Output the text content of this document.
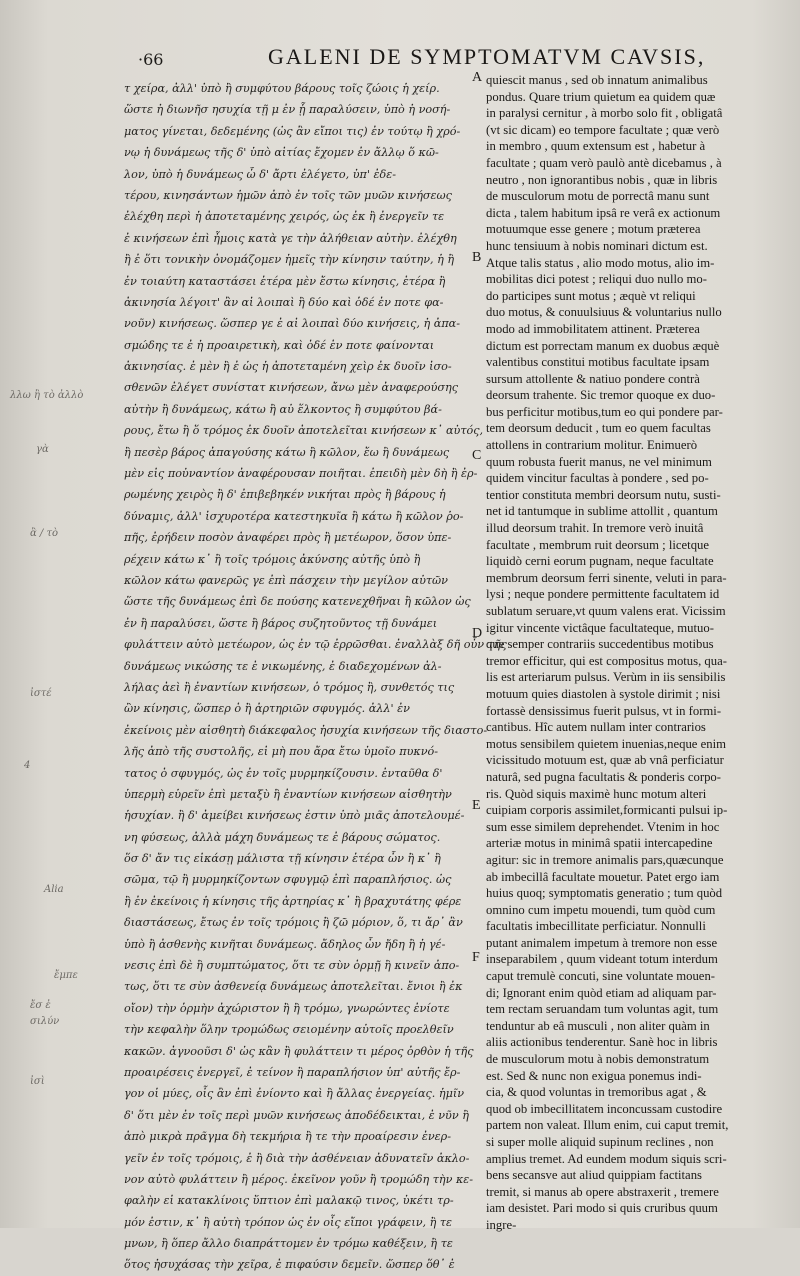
·66	GALENI DE SYMPTOMATVM CAVSIS,
τ χείρα, ἀλλ' ὑπὸ ἢ συμφύτου βάρους τοῖς ζώοις ἡ χείρ.
ὥστε ἡ διωνῆσ ησυχία τῇ μ ἐν ᾗ παραλύσειν, ὑπὸ ἡ νοσή-
ματος γίνεται, δεδεμένης (ὡς ἂν εἴποι τις) ἐν τούτῳ ἢ χρό-
νῳ ἡ δυνάμεως τῆς δ' ὑπὸ αἰτίας ἔχομεν ἐν ἄλλῳ ὅ κῶ-
λον, ὑπὸ ἡ δυνάμεως ὧ δ' ἄρτι ἐλέγετο, ὑπ' ἐδε-
τέρου, κινησάντων ἡμῶν ἀπὸ ἐν τοῖς τῶν μυῶν κινήσεως
ἐλέχθη περὶ ἡ ἀποτεταμένης χειρός, ὡς ἐκ ἢ ἐνεργεῖν τε
ἐ κινήσεων ἐπὶ ἦμοις κατὰ γε τὴν ἀλήθειαν αὐτὴν. ἐλέχθη
ἢ ἐ ὅτι τονικὴν ὀνομάζομεν ἡμεῖς τὴν κίνησιν ταύτην, ἡ ἢ
ἐν τοιαύτη καταστάσει ἑτέρα μὲν ἔστω κίνησις, ἑτέρα ἢ
ἀκινησία λέγοιτ' ἂν αἱ λοιπαὶ ἢ δύο καὶ ὁδέ ἑν ποτε φα-
νοῦν) κινήσεως. ὥσπερ γε ἐ αἱ λοιπαὶ δύο κινήσεις, ἡ ἀπα-
σμώδης τε ἐ ἡ προαιρετικὴ, καὶ ὁδέ ἑν ποτε φαίνονται
ἀκινησίας. ἐ μὲν ἢ ἐ ὡς ἡ ἀποτεταμένη χεὶρ ἐκ δυοῖν ἰσο-
σθενῶν ἐλέγετ συνίστατ κινήσεων, ἄνω μὲν ἀναφερούσης
αὐτὴν ἢ δυνάμεως, κάτω ἢ αὐ ἕλκοντος ἢ συμφύτου βά-
ρους, ἔτω ἢ ὅ τρόμος ἐκ δυοῖν ἀποτελεῖται κινήσεων κ᾽ αὐτός,
ἢ πεσὲρ βάρος ἀπαγούσης κάτω ἢ κῶλον, ἔω ἢ δυνάμεως
μὲν εἰς ποὐναντίον ἀναφέρουσαν ποιῆται. ἐπειδὴ μὲν δὴ ἢ ἐρ-
ρωμένης χειρὸς ἢ δ' ἐπιβεβηκέν νικήται πρὸς ἢ βάρους ἡ
δύναμις, ἀλλ' ἰσχυροτέρα κατεστηκυῖα ἢ κάτω ἢ κῶλον ῥο-
πῆς, ἐρήδειν ποσὸν ἀναφέρει πρὸς ἢ μετέωρον, ὅσον ὑπε-
ρέχειν κάτω κ᾽ ἢ τοῖς τρόμοις ἀκύνσης αὐτῆς ὑπὸ ἢ
κῶλον κάτω φανερῶς γε ἐπὶ πάσχειν τὴν μεγίλον αὐτῶν
ὥστε τῆς δυνάμεως ἐπὶ δε πούσης κατενεχθῆναι ἢ κῶλον ὡς
ἐν ἢ παραλύσει, ὥστε ἢ βάρος συζητοῦντος τῇ δυνάμει
φυλάττειν αὐτὸ μετέωρον, ὡς ἐν τῷ ἐρρῶσθαι. ἐναλλὰξ δῆ οὖν τῆς
δυνάμεως νικώσης τε ἐ νικωμένης, ἐ διαδεχομένων ἀλ-
λήλας ἀεὶ ἢ ἐναντίων κινήσεων, ὁ τρόμος ἢ, συνθετός τις
ὢν κίνησις, ὥσπερ ὁ ἢ ἀρτηριῶν σφυγμός. ἀλλ' ἐν
ἐκείνοις μὲν αἰσθητὴ διάκεφαλος ἡσυχία κινήσεων τῆς διαστο-
λῆς ἀπὸ τῆς συστολῆς, εἰ μὴ που ἄρα ἔτω ὑμοῖο πυκνό-
τατος ὁ σφυγμός, ὡς ἐν τοῖς μυρμηκίζουσιν. ἐνταῦθα δ'
ὑπερμὴ εὑρεῖν ἐπὶ μεταξὺ ἢ ἐναντίων κινήσεων αἰσθητὴν
ἡσυχίαν. ἢ δ' ἀμείβει κινήσεως ἐστιν ὑπὸ μιᾶς ἀποτελουμέ-
νη φύσεως, ἀλλὰ μάχη δυνάμεως τε ἐ βάρους σώματος.
ὅσ δ' ἄν τις εἰκάσῃ μάλιστα τῇ κίνησιν ἑτέρα ὧν ἢ κ᾽ ἢ
σῶμα, τῷ ἢ μυρμηκίζοντων σφυγμῷ ἐπὶ παραπλήσιος. ὡς
ἢ ἐν ἐκείνοις ἡ κίνησις τῆς ἀρτηρίας κ᾽ ἢ βραχυτάτης φέρε
διαστάσεως, ἔτως ἐν τοῖς τρόμοις ἢ ζῶ μόριον, ὅ, τι ἄρ᾽ ἂν
ὑπὸ ἢ ἀσθενὴς κινῆται δυνάμεως. ἄδηλος ὧν ἤδη ἢ ἡ γέ-
νεσις ἐπὶ δὲ ἢ συμπτώματος, ὅτι τε σὺν ὁρμῇ ἢ κινεῖν ἀπο-
τως, ὅτι τε σὺν ἀσθενείᾳ δυνάμεως ἀποτελεῖται. ἔνιοι ἢ ἐκ
οἴον) τὴν ὁρμὴν ἀχώριστον ἢ ἢ τρόμω, γνωρώντες ἐνίοτε
τὴν κεφαλὴν ὅλην τρομώδως σειομένην αὐτοῖς προελθεῖν
κακῶν. ἀγνοοῦσι δ' ὡς κἂν ἢ φυλάττειν τι μέρος ὀρθὸν ἡ τῆς
προαιρέσεις ἐνεργεῖ, ἐ τείνον ἢ παραπλήσιον ὑπ' αὐτῆς ἔρ-
γον οἱ μύες, οἷς ἂν ἐπὶ ἐνίοντο καὶ ἢ ἄλλας ἐνεργείας. ἡμῖν
δ' ὅτι μὲν ἐν τοῖς περὶ μυῶν κινήσεως ἀποδέδεικται, ἐ νῦν ἢ
ἀπὸ μικρὰ πρᾶγμα δὴ τεκμήρια ἢ τε τὴν προαίρεσιν ἐνερ-
γεῖν ἐν τοῖς τρόμοις, ἐ ἢ διὰ τὴν ἀσθένειαν ἀδυνατεῖν ἀκλο-
νον αὐτὸ φυλάττειν ἢ μέρος. ἐκεῖνον γοῦν ἢ τρομώδη τὴν κε-
φαλὴν εἰ κατακλίνοις ὕπτιον ἐπὶ μαλακῷ τινος, ὑκέτι τρ-
μόν ἐστιν, κ᾽ ἢ αὐτὴ τρόπον ὡς ἐν οἷς εἴποι γράφειν, ἢ τε
μνων, ἢ ὅπερ ἄλλο διαπράττομεν ἐν τρόμω καθέξειν, ἢ τε
ὅτος ἡσυχάσας τὴν χεῖρα, ἐ πιφαύσιν δεμεῖν. ὥσπερ ὅθ᾽ ἐ
quiescit manus , sed ob innatum animalibus
pondus. Quare trium quietum ea quidem quæ
in paralysi cernitur , à morbo solo fit , obligatâ
(vt sic dicam) eo tempore facultate ; quæ verò
in membro , quum extensum est , habetur à
facultate ; quam verò paulò antè dicebamus , à
neutro , non ignorantibus nobis , quæ in libris
de musculorum motu de porrectâ manu sunt
dicta , talem habitum ipsâ re verâ ex actionum
motuumque esse genere ; motum præterea
hunc tensiuum à nobis nominari dictum est.
Atque talis status , alio modo motus, alio im-
mobilitas dici potest ; reliqui duo nullo mo-
do participes sunt motus ; æquè vt reliqui
duo motus, & conuulsiuus & voluntarius nullo
modo ad immobilitatem attinent. Præterea
dictum est porrectam manum ex duobus æquè
valentibus constitui motibus facultate ipsam
sursum attollente & natiuo pondere contrà
deorsum trahente. Sic tremor quoque ex duo-
bus perficitur motibus,tum eo qui pondere par-
tem deorsum deducit , tum eo quem facultas
attollens in contrarium molitur. Enimuerò
quum robusta fuerit manus, ne vel minimum
quidem vincitur facultas à pondere , sed po-
tentior constituta membri deorsum nutu, susti-
net id tantumque in sublime attollit , quantum
illud deorsum trahit. In tremore verò inuitâ
facultate , membrum ruit deorsum ; licetque
liquidò cerni eorum pugnam, neque facultate
membrum deorsum ferri sinente, veluti in para-
lysi ; neque pondere permittente facultatem id
sublatum seruare,vt quum valens erat. Vicissim
igitur vincente victâque facultateque, mutuo-
que semper contrariis succedentibus motibus
tremor efficitur, qui est compositus motus, qua-
lis est arteriarum pulsus. Verùm in iis sensibilis
motuum quies diastolen à systole dirimit ; nisi
fortassè densissimus fuerit pulsus, vt in formi-
cantibus. Hîc autem nullam inter contrarios
motus sensibilem quietem inuenias,neque enim
vicissitudo motuum est, quæ ab vnâ perficiatur
naturâ, sed pugna facultatis & ponderis corpo-
ris. Quòd siquis maximè hunc motum alteri
cuipiam corporis assimilet,formicanti pulsui ip-
sum esse similem deprehendet. Vtenim in hoc
arteriæ motus in minimâ spatii intercapedine
agitur: sic in tremore animalis pars,quæcunque
ab imbecillâ facultate mouetur. Patet ergo iam
huius quoq; symptomatis generatio ; tum quòd
omnino cum impetu mouendi, tum quòd cum
facultatis imbecillitate perficiatur. Nonnulli
putant animalem impetum à tremore non esse
inseparabilem , quum videant totum interdum
caput tremulè concuti, sine voluntate mouen-
di; Ignorant enim quòd etiam ad aliquam par-
tem rectam seruandam tum voluntas agit, tum
tenduntur ab eâ musculi , non aliter quàm in
aliis actionibus tenderentur. Sanè hoc in libris
de musculorum motu à nobis demonstratum
est. Sed & nunc non exigua ponemus indi-
cia, & quod voluntas in tremoribus agat , &
quod ob imbecillitatem inconcussam custodire
partem non valeat. Illum enim, cui caput tremit,
si super molle aliquid supinum reclines , non
amplius tremet. Ad eundem modum siquis scri-
bens secansve aut aliud quippiam factitans
tremit, si manus ab opere abstraxerit , tremere
iam desistet. Pari modo si quis cruribus quum
ingre-
A
B
C
D
E
F
λλω ἢ τὸ ἀλλὸ
γὰ
ἂ / τὸ
ἰστέ
4
Alia
ἔμπε
ἔσ ἐ
σιλύν
ἰσὶ
